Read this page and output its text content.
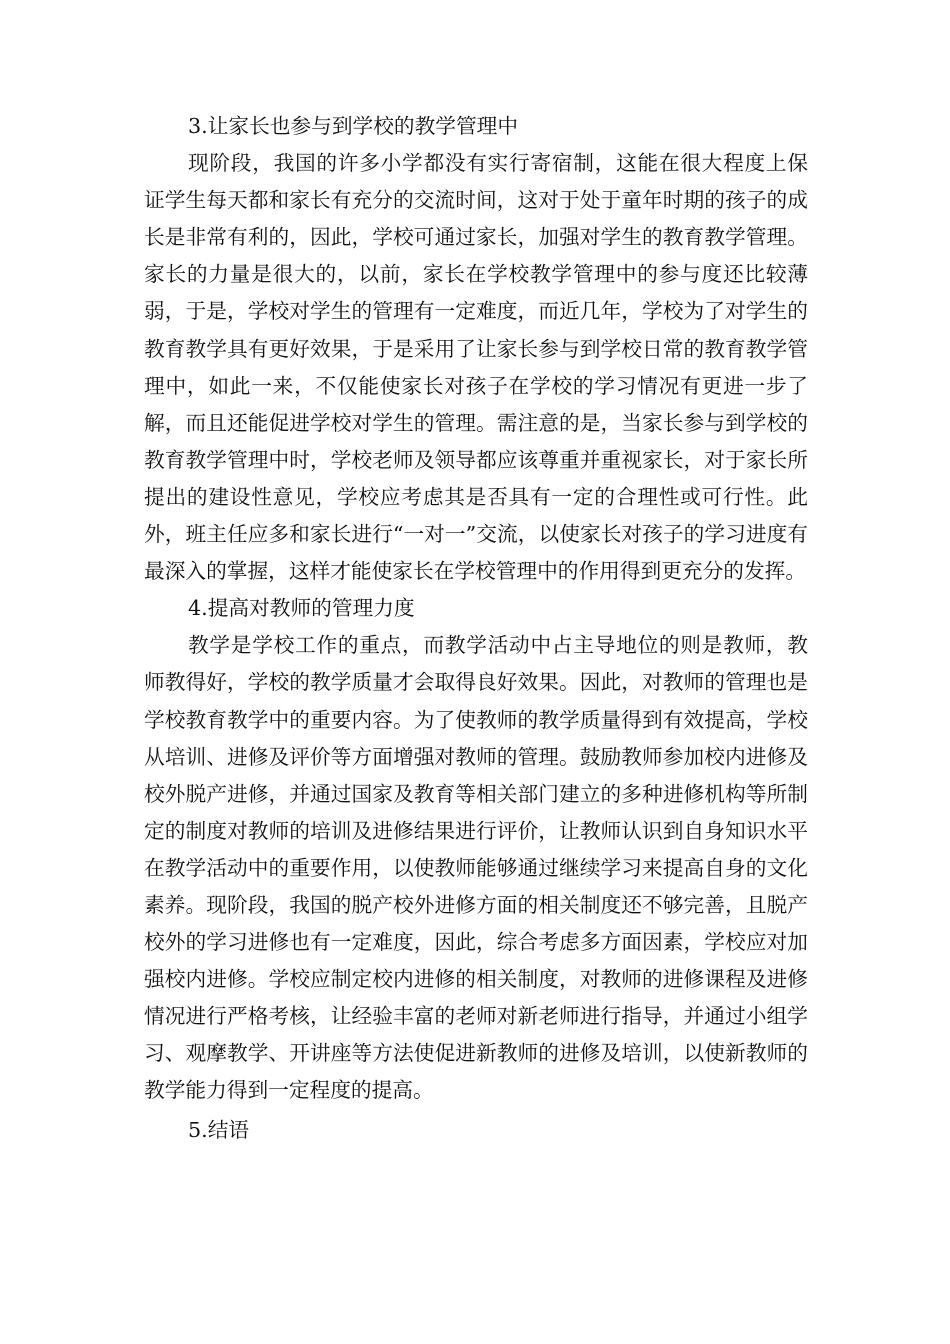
3.让家长也参与到学校的教学管理中

现阶段，我国的许多小学都没有实行寄宿制，这能在很大程度上保证学生每天都和家长有充分的交流时间，这对于处于童年时期的孩子的成长是非常有利的，因此，学校可通过家长，加强对学生的教育教学管理。家长的力量是很大的，以前，家长在学校教学管理中的参与度还比较薄弱，于是，学校对学生的管理有一定难度，而近几年，学校为了对学生的教育教学具有更好效果，于是采用了让家长参与到学校日常的教育教学管理中，如此一来，不仅能使家长对孩子在学校的学习情况有更进一步了解，而且还能促进学校对学生的管理。需注意的是，当家长参与到学校的教育教学管理中时，学校老师及领导都应该尊重并重视家长，对于家长所提出的建设性意见，学校应考虑其是否具有一定的合理性或可行性。此外，班主任应多和家长进行“一对一”交流，以使家长对孩子的学习进度有最深入的掌握，这样才能使家长在学校管理中的作用得到更充分的发挥。

4.提高对教师的管理力度

教学是学校工作的重点，而教学活动中占主导地位的则是教师，教师教得好，学校的教学质量才会取得良好效果。因此，对教师的管理也是学校教育教学中的重要内容。为了使教师的教学质量得到有效提高，学校从培训、进修及评价等方面增强对教师的管理。鼓励教师参加校内进修及校外脱产进修，并通过国家及教育等相关部门建立的多种进修机构等所制定的制度对教师的培训及进修结果进行评价，让教师认识到自身知识水平在教学活动中的重要作用，以使教师能够通过继续学习来提高自身的文化素养。现阶段，我国的脱产校外进修方面的相关制度还不够完善，且脱产校外的学习进修也有一定难度，因此，综合考虑多方面因素，学校应对加强校内进修。学校应制定校内进修的相关制度，对教师的进修课程及进修情况进行严格考核，让经验丰富的老师对新老师进行指导，并通过小组学习、观摩教学、开讲座等方法使促进新教师的进修及培训，以使新教师的教学能力得到一定程度的提高。

5.结语
